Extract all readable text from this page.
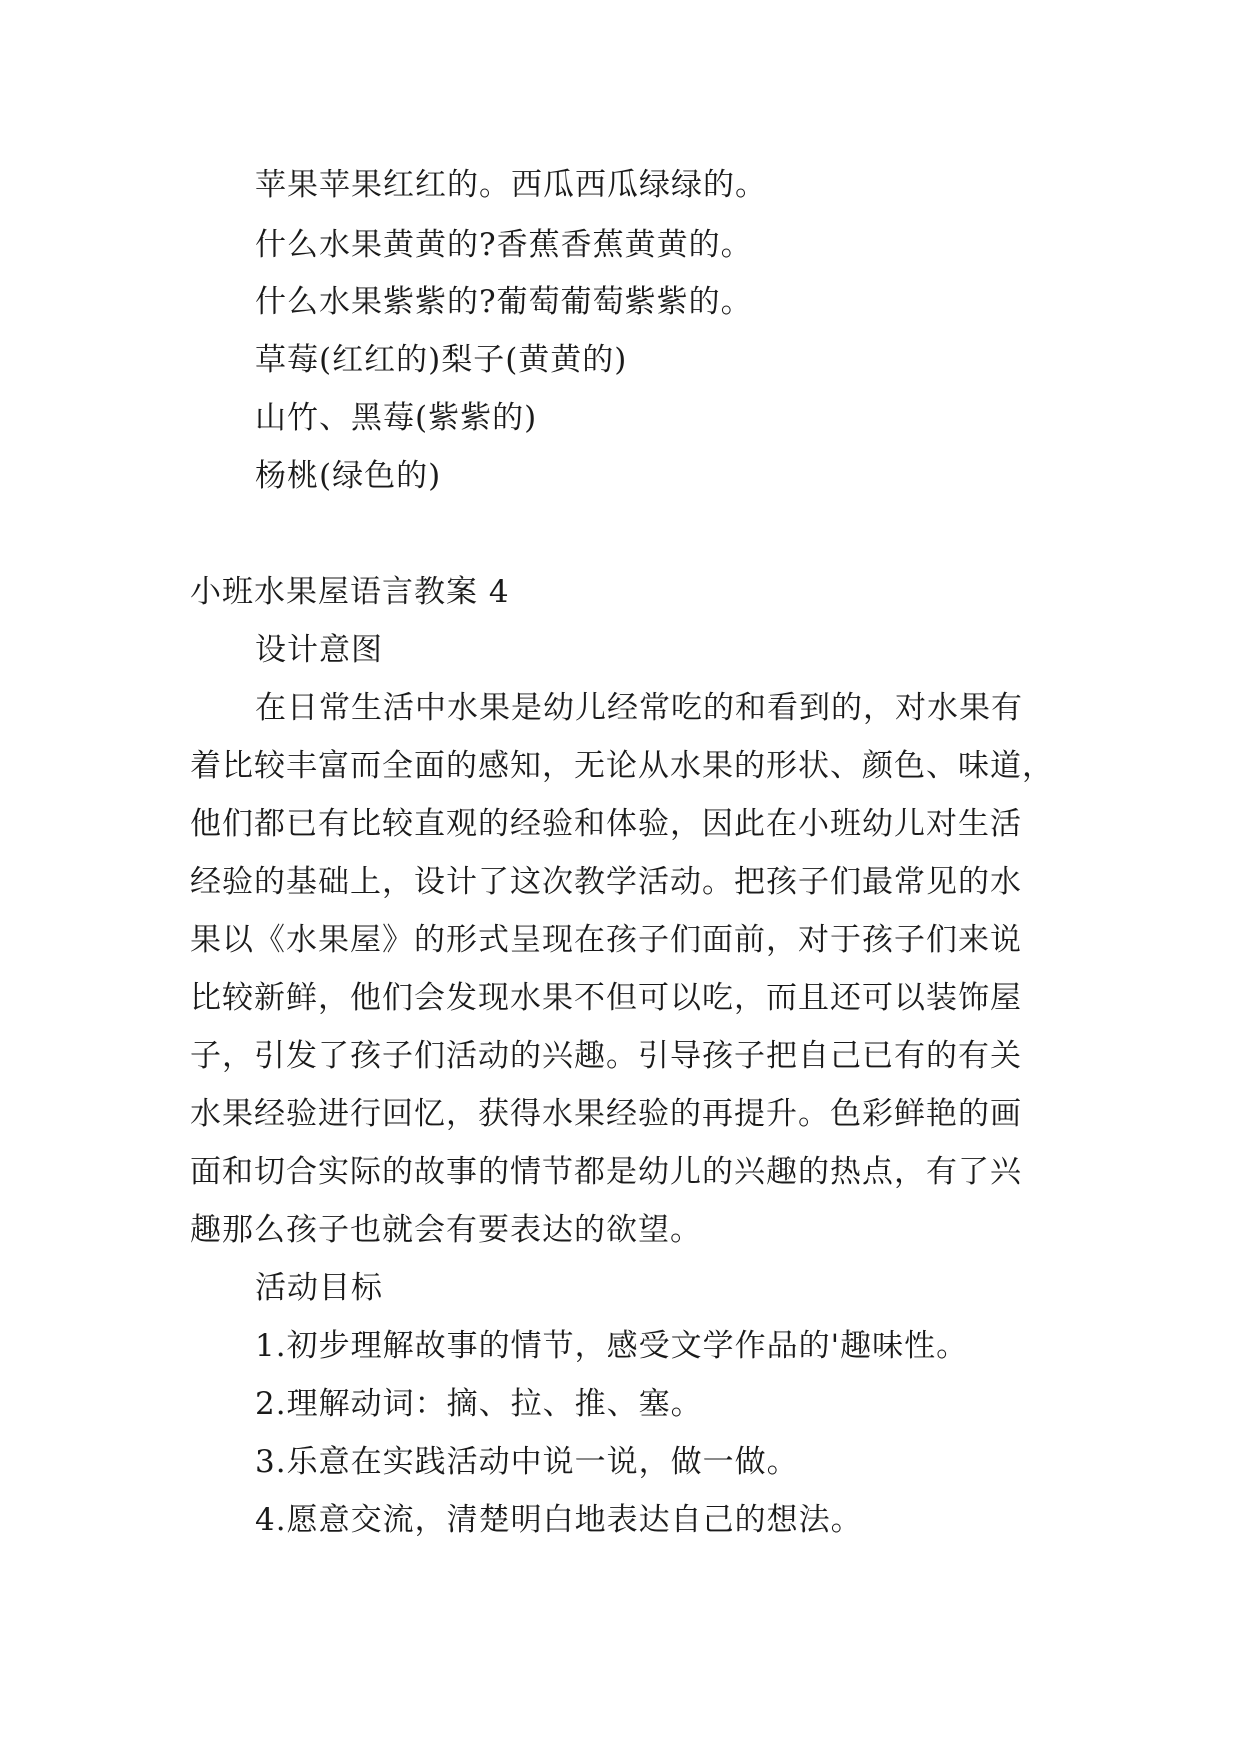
苹果苹果红红的。西瓜西瓜绿绿的。
什么水果黄黄的?香蕉香蕉黄黄的。
什么水果紫紫的?葡萄葡萄紫紫的。
草莓(红红的)梨子(黄黄的)
山竹、黑莓(紫紫的)
杨桃(绿色的)
小班水果屋语言教案 4
设计意图
在日常生活中水果是幼儿经常吃的和看到的，对水果有
着比较丰富而全面的感知，无论从水果的形状、颜色、味道，
他们都已有比较直观的经验和体验，因此在小班幼儿对生活
经验的基础上，设计了这次教学活动。把孩子们最常见的水
果以《水果屋》的形式呈现在孩子们面前，对于孩子们来说
比较新鲜，他们会发现水果不但可以吃，而且还可以装饰屋
子，引发了孩子们活动的兴趣。引导孩子把自己已有的有关
水果经验进行回忆，获得水果经验的再提升。色彩鲜艳的画
面和切合实际的故事的情节都是幼儿的兴趣的热点，有了兴
趣那么孩子也就会有要表达的欲望。
活动目标
1.初步理解故事的情节，感受文学作品的'趣味性。
2.理解动词：摘、拉、推、塞。
3.乐意在实践活动中说一说，做一做。
4.愿意交流，清楚明白地表达自己的想法。
